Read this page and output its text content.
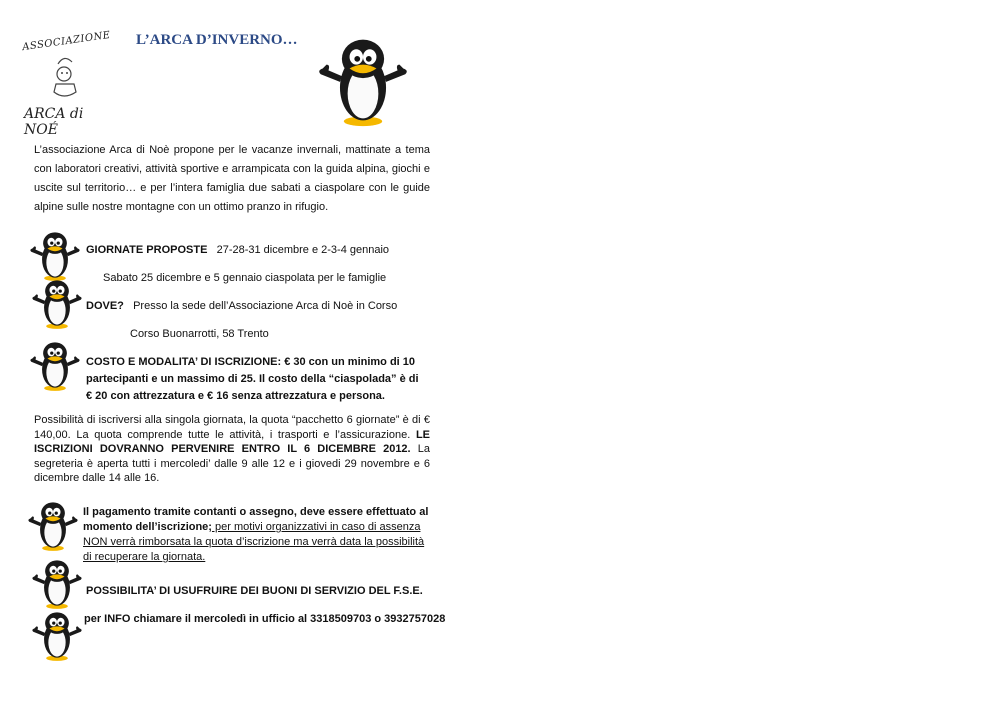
L’ARCA D’INVERNO…
ASSOCIAZIONE
ARCA di NOÉ
L’associazione Arca di Noè propone per le vacanze invernali, mattinate a tema con laboratori creativi, attività sportive e arrampicata con la guida alpina, giochi e uscite sul territorio… e per l’intera famiglia due sabati a ciaspolare con le guide alpine sulle nostre montagne con un ottimo pranzo in rifugio.
GIORNATE PROPOSTE 27-28-31 dicembre e 2-3-4 gennaio
Sabato 25 dicembre e 5 gennaio ciaspolata per le famiglie
DOVE? Presso la sede dell’Associazione Arca di Noè in Corso
Corso Buonarrotti, 58 Trento
COSTO E MODALITA’ DI ISCRIZIONE: € 30 con un minimo di 10
partecipanti e un massimo di 25. Il costo della “ciaspolada” è di
€ 20 con attrezzatura e € 16 senza attrezzatura e persona.
Possibilità di iscriversi alla singola giornata, la quota “pacchetto 6 giornate” è di € 140,00. La quota comprende tutte le attività, i trasporti e l’assicurazione. LE ISCRIZIONI DOVRANNO PERVENIRE ENTRO IL 6 DICEMBRE 2012. La segreteria è aperta tutti i mercoledi’ dalle 9 alle 12 e i giovedi 29 novembre e 6 dicembre dalle 14 alle 16.
Il pagamento tramite contanti o assegno, deve essere effettuato al
momento dell’iscrizione; per motivi organizzativi in caso di assenza
NON verrà rimborsata la quota d’iscrizione ma verrà data la possibilità
di recuperare la giornata.
POSSIBILITA’ DI USUFRUIRE DEI BUONI DI SERVIZIO DEL F.S.E.
per INFO chiamare il mercoledì in ufficio al 3318509703 o 3932757028
